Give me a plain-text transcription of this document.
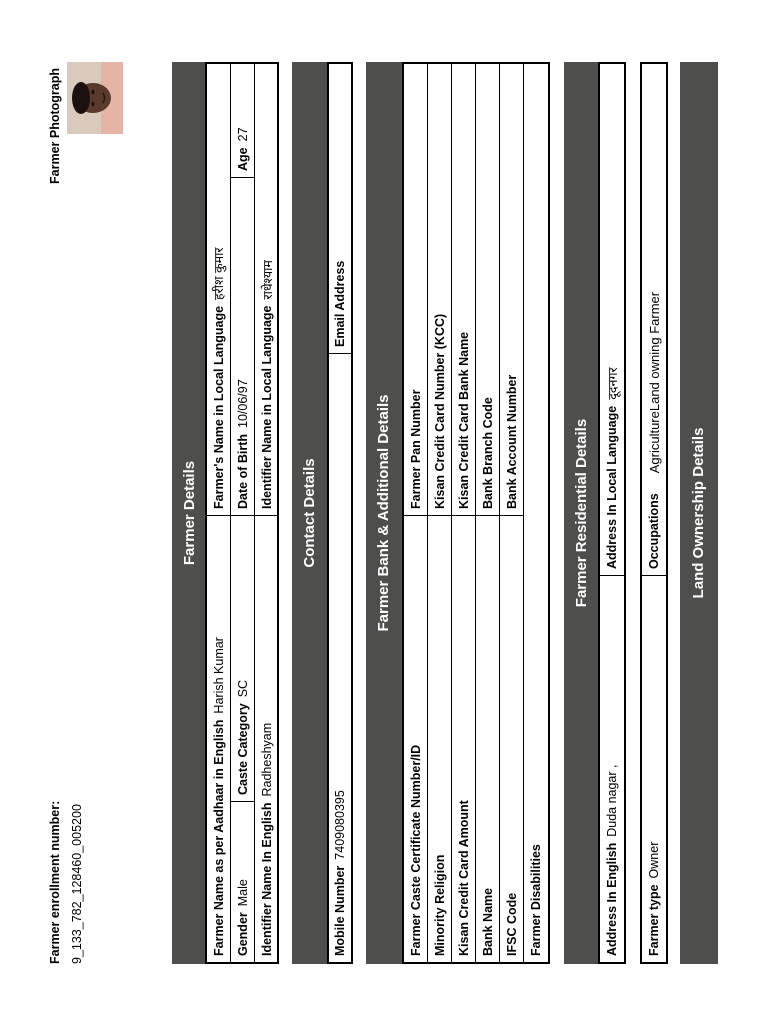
Farmer enrollment number: 9_133_782_128460_005200
Farmer Photograph
Farmer Details
Farmer Name as per Aadhaar in English
Harish Kumar
Farmer's Name in Local Language
हरीश कुमार
Gender
Male
Caste Category
SC
Date of Birth
10/06/97
Age
27
Identifier Name In English
Radheshyam
Identifier Name in Local Language
राधेश्याम
Contact Details
Mobile Number
7409080395
Email Address
Farmer Bank & Additional Details
Farmer Caste Certificate Number/ID
Farmer Pan Number
Minority Religion
Kisan Credit Card Number (KCC)
Kisan Credit Card Amount
Kisan Credit Card Bank Name
Bank Name
Bank Branch Code
IFSC Code
Bank Account Number
Farmer Disabilities
Farmer Residential Details
Address In English
Duda nagar ,
Address In Local Language
दूदनगर
Farmer type
Owner
Occupations
AgricultureLand owning Farmer
Land Ownership Details
